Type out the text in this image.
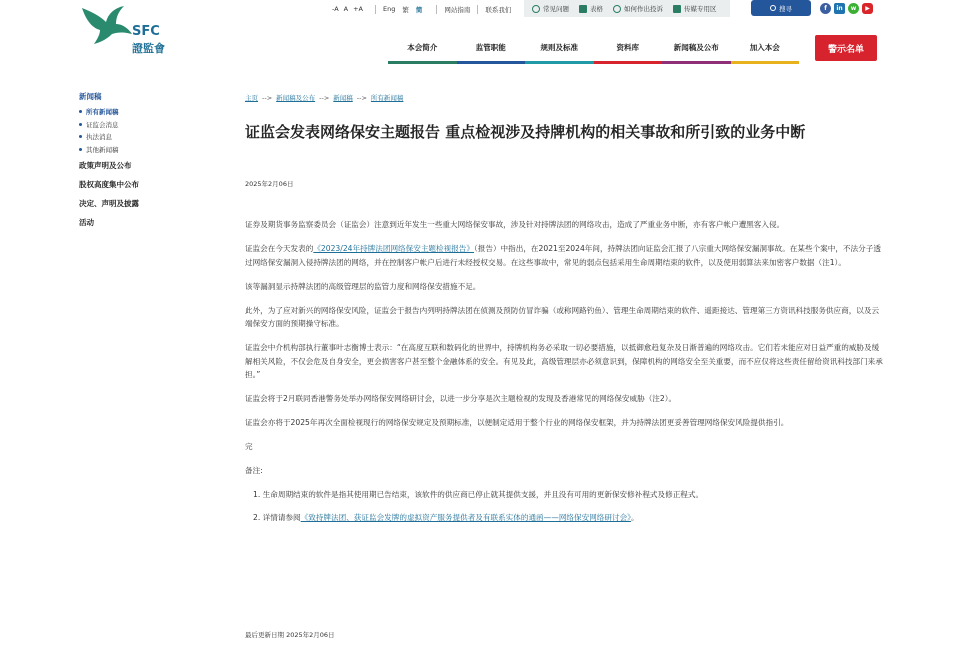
SFC
證監會
-A A +A	Eng 繁 简	网站指南 联系我们	常见问题	表格	如何作出投诉	传媒专用区	搜寻	f	in	w	▶
本会简介	监管职能	规则及标准	资料库	新闻稿及公布	加入本会	警示名单
新闻稿
所有新闻稿
证监会消息
执法消息
其他新闻稿
政策声明及公布
股权高度集中公布
决定、声明及披露
活动
主页 --> 新闻稿及公布 --> 新闻稿 --> 所有新闻稿
证监会发表网络保安主题报告 重点检视涉及持牌机构的相关事故和所引致的业务中断
2025年2月06日

证券及期货事务监察委员会（证监会）注意到近年发生一些重大网络保安事故，涉及针对持牌法团的网络攻击，造成了严重业务中断，亦有客户帐户遭黑客入侵。

证监会在今天发表的《2023/24年持牌法团网络保安主题检视报告》（报告）中指出，在2021至2024年间，持牌法团向证监会汇报了八宗重大网络保安漏洞事故。在某些个案中，不法分子透过网络保安漏洞入侵持牌法团的网络，并在控制客户帐户后进行未经授权交易。在这些事故中，常见的弱点包括采用生命周期结束的软件，以及使用弱算法来加密客户数据（注1）。

该等漏洞显示持牌法团的高级管理层的监管力度和网络保安措施不足。

此外，为了应对新兴的网络保安风险，证监会于报告内列明持牌法团在侦测及预防仿冒诈骗（或称网路钓鱼）、管理生命周期结束的软件、遥距接达、管理第三方资讯科技服务供应商，以及云端保安方面的预期操守标准。

证监会中介机构部执行董事叶志衡博士表示：“在高度互联和数码化的世界中，持牌机构务必采取一切必要措施，以抵御愈趋复杂及日渐普遍的网络攻击。它们若未能应对日益严重的威胁及缓解相关风险，不仅会危及自身安全，更会损害客户甚至整个金融体系的安全。有见及此，高级管理层亦必须意识到，保障机构的网络安全至关重要，而不应仅将这些责任留给资讯科技部门来承担。”

证监会将于2月联同香港警务处举办网络保安网络研讨会，以进一步分享是次主题检视的发现及香港常见的网络保安威胁（注2）。

证监会亦将于2025年再次全面检视现行的网络保安规定及预期标准，以便制定适用于整个行业的网络保安框架，并为持牌法团更妥善管理网络保安风险提供指引。

完

备注:

1. 生命周期结束的软件是指其使用期已告结束，该软件的供应商已停止就其提供支援，并且没有可用的更新保安修补程式及修正程式。
2. 详情请参阅《致持牌法团、获证监会发牌的虚拟资产服务提供者及有联系实体的通函——网络保安网络研讨会》。
最后更新日期 2025年2月06日
